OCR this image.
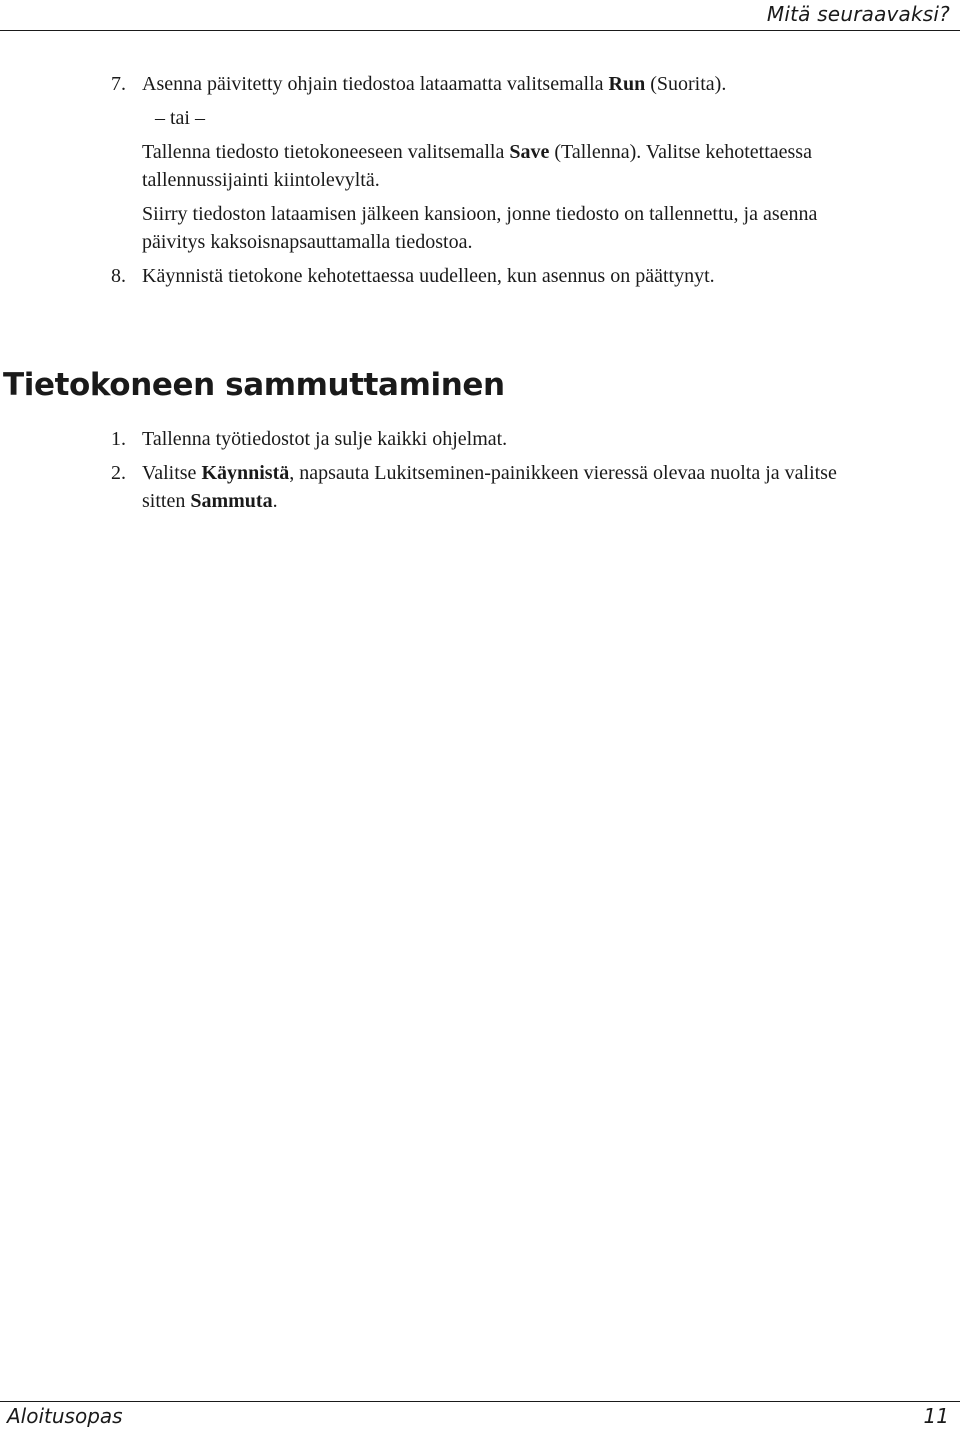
Mitä seuraavaksi?
7. Asenna päivitetty ohjain tiedostoa lataamatta valitsemalla Run (Suorita).
– tai –
Tallenna tiedosto tietokoneeseen valitsemalla Save (Tallenna). Valitse kehotettaessa
tallennussijainti kiintolevyltä.
Siirry tiedoston lataamisen jälkeen kansioon, jonne tiedosto on tallennettu, ja asenna
päivitys kaksoisnapsauttamalla tiedostoa.
8. Käynnistä tietokone kehotettaessa uudelleen, kun asennus on päättynyt.
1. Tallenna työtiedostot ja sulje kaikki ohjelmat.
2. Valitse Käynnistä, napsauta Lukitseminen-painikkeen vieressä olevaa nuolta ja valitse
sitten Sammuta.
Tietokoneen sammuttaminen
Aloitusopas	11
